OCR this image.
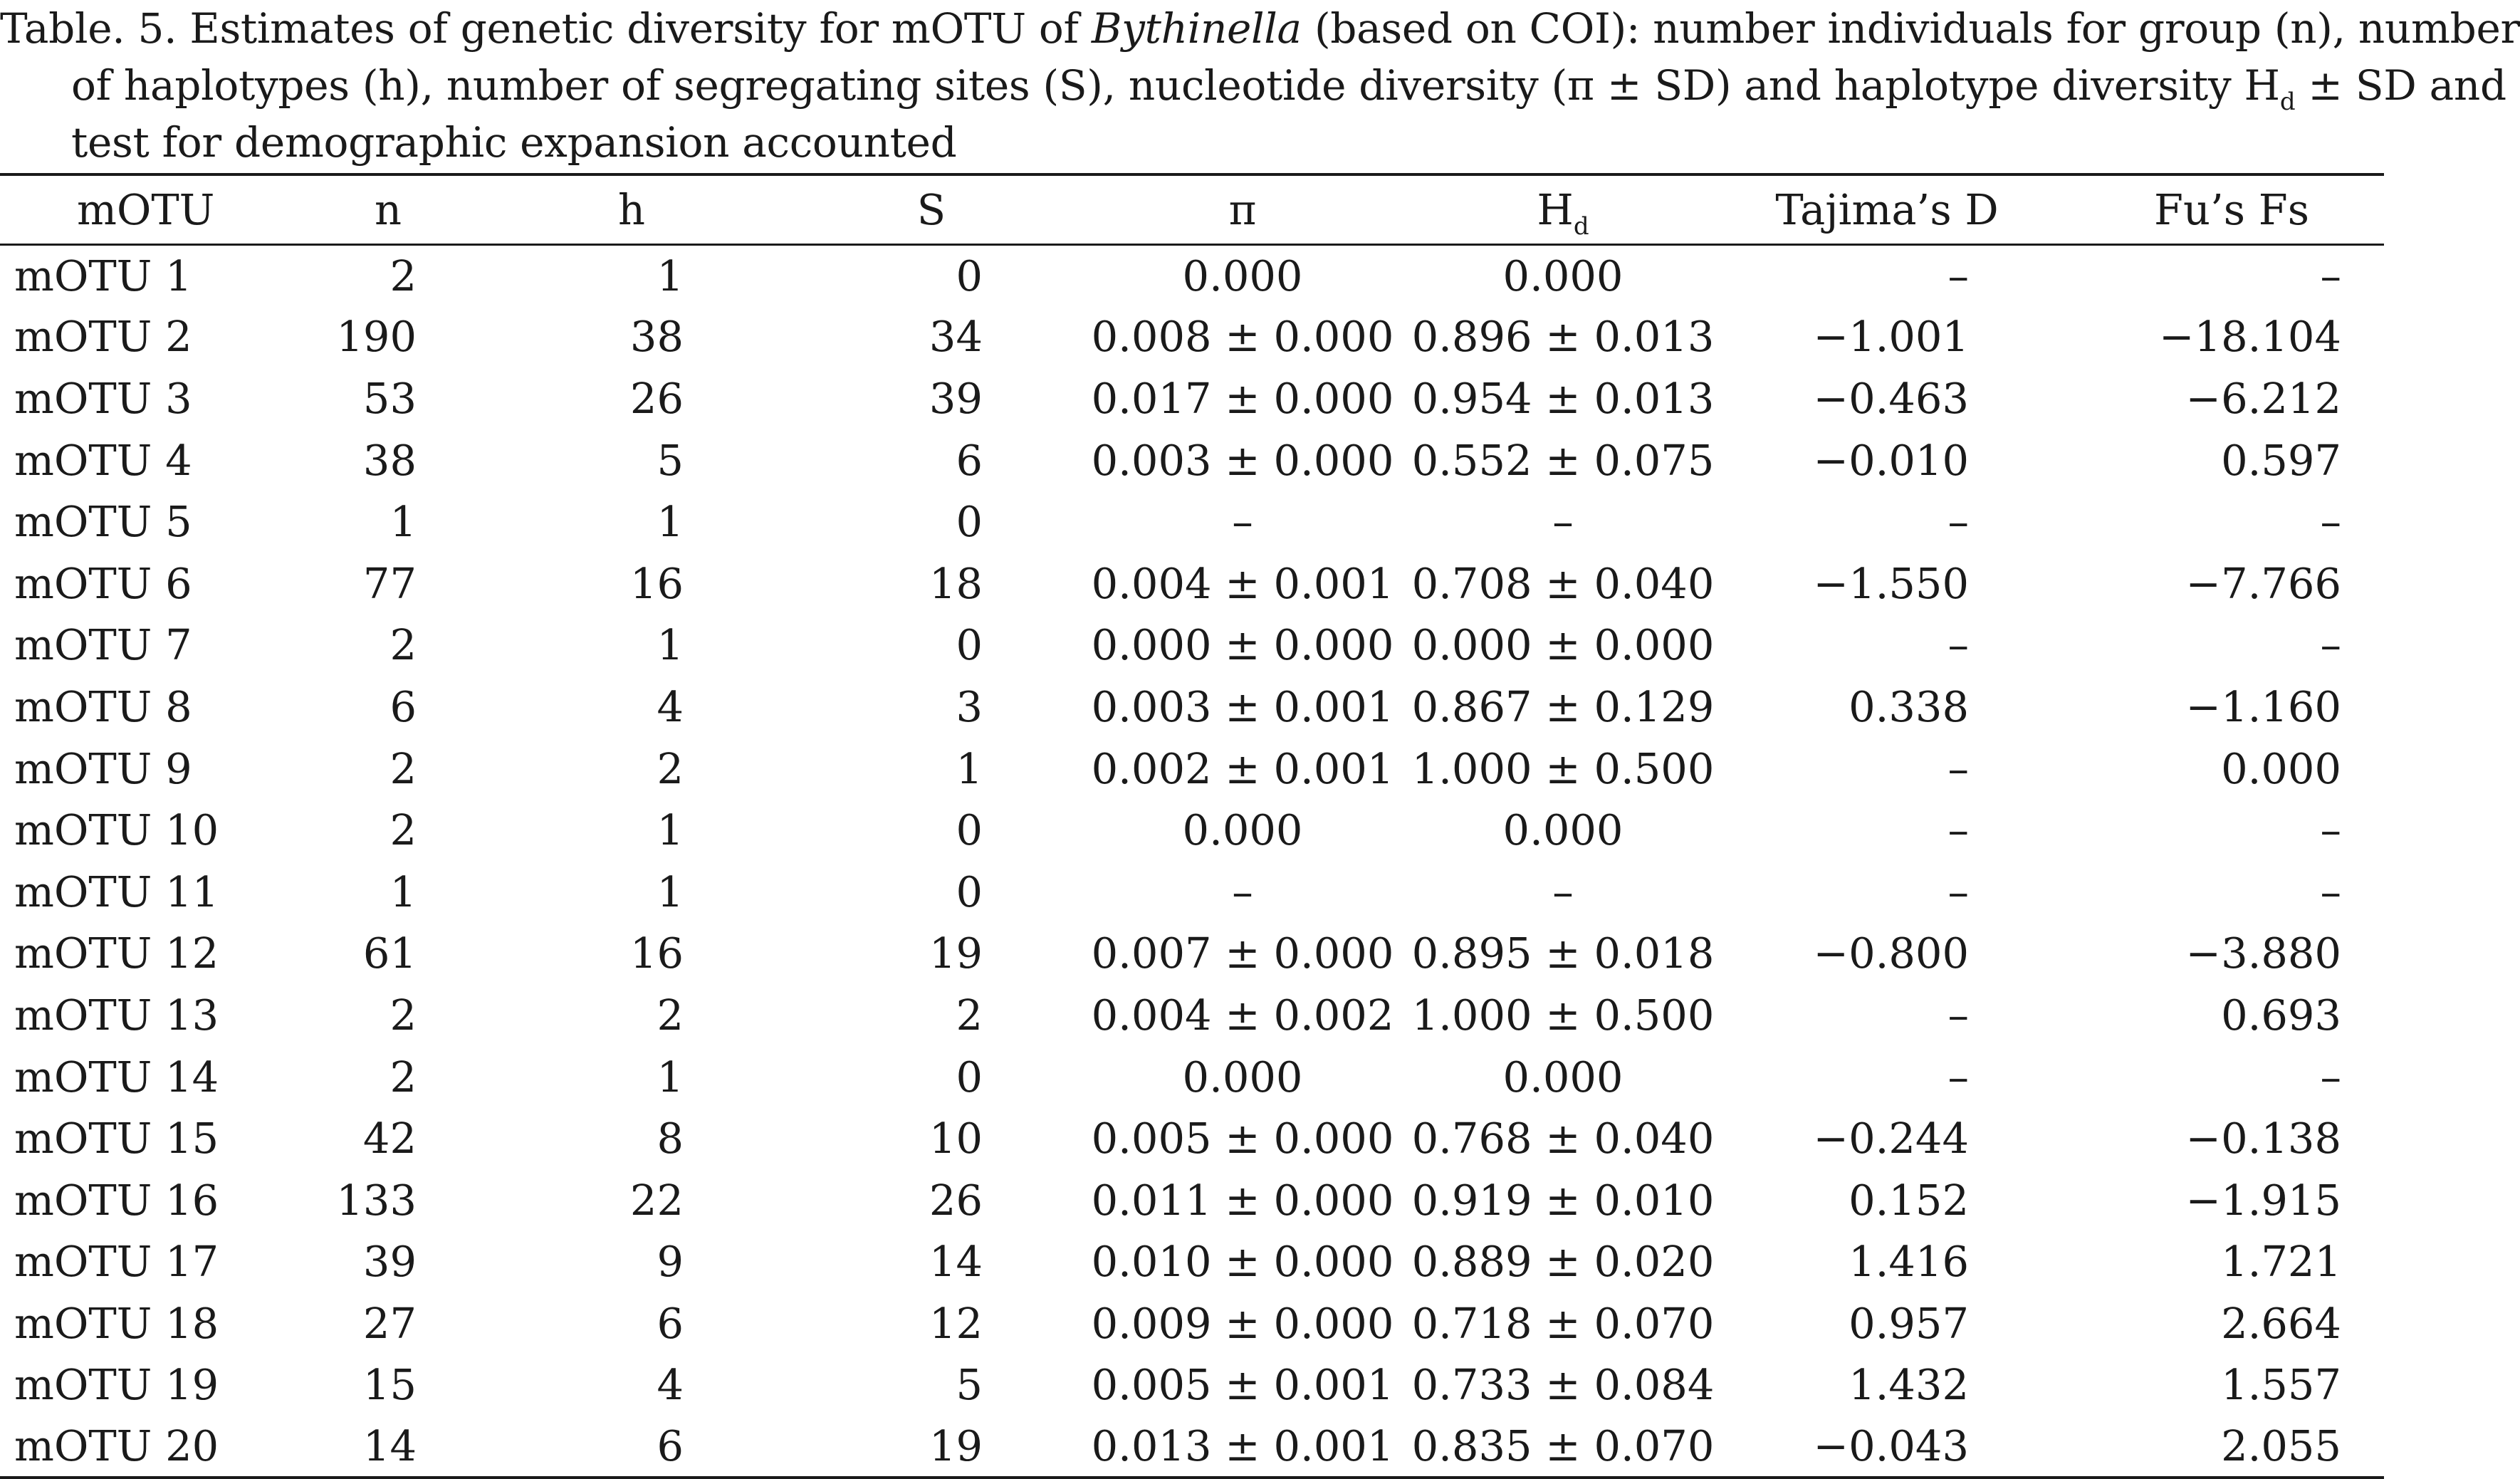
Table. 5. Estimates of genetic diversity for mOTU of Bythinella (based on COI): number individuals for group (n), number
of haplotypes (h), number of segregating sites (S), nucleotide diversity (π ± SD) and haplotype diversity $H_d$ ± SD and
test for demographic expansion accounted
mOTU	n	h	S	π	$H_d$	Tajima’s D	Fu’s Fs
mOTU 1	2	1	0	0.000	0.000	–	–
mOTU 2	190	38	34	0.008 ± 0.000	0.896 ± 0.013	−1.001	−18.104
mOTU 3	53	26	39	0.017 ± 0.000	0.954 ± 0.013	−0.463	−6.212
mOTU 4	38	5	6	0.003 ± 0.000	0.552 ± 0.075	−0.010	0.597
mOTU 5	1	1	0	–	–	–	–
mOTU 6	77	16	18	0.004 ± 0.001	0.708 ± 0.040	−1.550	−7.766
mOTU 7	2	1	0	0.000 ± 0.000	0.000 ± 0.000	–	–
mOTU 8	6	4	3	0.003 ± 0.001	0.867 ± 0.129	0.338	−1.160
mOTU 9	2	2	1	0.002 ± 0.001	1.000 ± 0.500	–	0.000
mOTU 10	2	1	0	0.000	0.000	–	–
mOTU 11	1	1	0	–	–	–	–
mOTU 12	61	16	19	0.007 ± 0.000	0.895 ± 0.018	−0.800	−3.880
mOTU 13	2	2	2	0.004 ± 0.002	1.000 ± 0.500	–	0.693
mOTU 14	2	1	0	0.000	0.000	–	–
mOTU 15	42	8	10	0.005 ± 0.000	0.768 ± 0.040	−0.244	−0.138
mOTU 16	133	22	26	0.011 ± 0.000	0.919 ± 0.010	0.152	−1.915
mOTU 17	39	9	14	0.010 ± 0.000	0.889 ± 0.020	1.416	1.721
mOTU 18	27	6	12	0.009 ± 0.000	0.718 ± 0.070	0.957	2.664
mOTU 19	15	4	5	0.005 ± 0.001	0.733 ± 0.084	1.432	1.557
mOTU 20	14	6	19	0.013 ± 0.001	0.835 ± 0.070	−0.043	2.055
